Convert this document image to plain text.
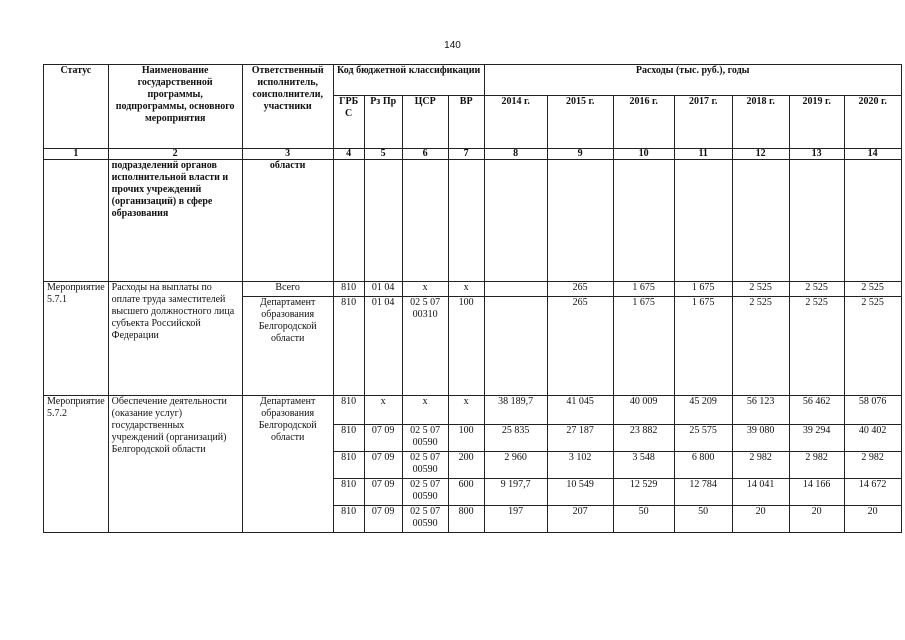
140
Статус	Наименование государственной программы, подпрограммы, основного мероприятия	Ответственный исполнитель, соисполнители, участники	Код бюджетной классификации				Расходы (тыс. руб.), годы						
			ГРБ С	Рз Пр	ЦСР	ВР	2014 г.	2015 г.	2016 г.	2017 г.	2018 г.	2019 г.	2020 г.
1	2	3	4	5	6	7	8	9	10	11	12	13	14
	подразделений органов исполнительной власти и прочих учреждений (организаций) в сфере образования	области											
Мероприятие 5.7.1	Расходы на выплаты по оплате труда заместителей высшего должностного лица субъекта Российской Федерации	Всего	810	01 04	x	x		265	1 675	1 675	2 525	2 525	2 525
		Департамент образования Белгородской области	810	01 04	02 5 07 00310	100		265	1 675	1 675	2 525	2 525	2 525
Мероприятие 5.7.2	Обеспечение деятельности (оказание услуг) государственных учреждений (организаций) Белгородской области	Департамент образования Белгородской области	810	x	x	x	38 189,7	41 045	40 009	45 209	56 123	56 462	58 076
			810	07 09	02 5 07 00590	100	25 835	27 187	23 882	25 575	39 080	39 294	40 402
			810	07 09	02 5 07 00590	200	2 960	3 102	3 548	6 800	2 982	2 982	2 982
			810	07 09	02 5 07 00590	600	9 197,7	10 549	12 529	12 784	14 041	14 166	14 672
			810	07 09	02 5 07 00590	800	197	207	50	50	20	20	20
